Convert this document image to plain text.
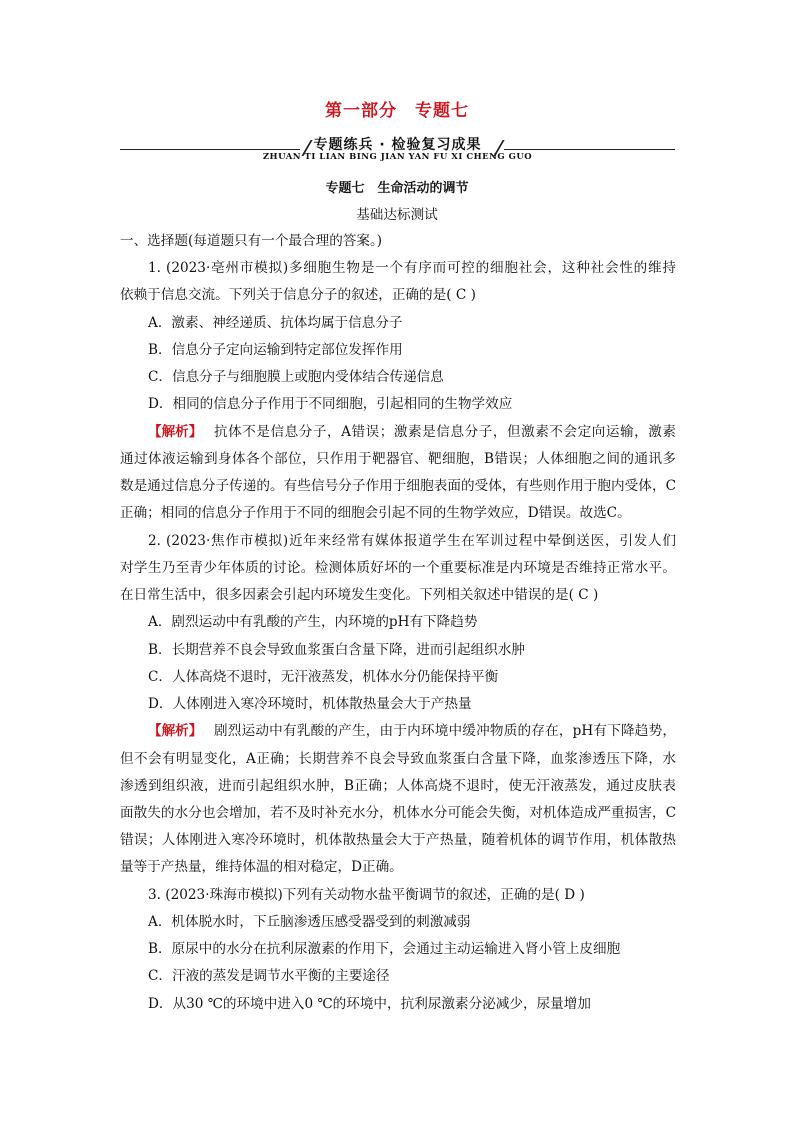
第一部分　专题七
专题练兵 · 检验复习成果
ZHUAN TI LIAN BING JIAN YAN FU XI CHENG GUO
专题七　生命活动的调节
基础达标测试
一、选择题(每道题只有一个最合理的答案。)
1. (2023·亳州市模拟)多细胞生物是一个有序而可控的细胞社会，这种社会性的维持
依赖于信息交流。下列关于信息分子的叙述，正确的是( C )
A．激素、神经递质、抗体均属于信息分子
B．信息分子定向运输到特定部位发挥作用
C．信息分子与细胞膜上或胞内受体结合传递信息
D．相同的信息分子作用于不同细胞，引起相同的生物学效应
【解析】 抗体不是信息分子，A错误；激素是信息分子，但激素不会定向运输，激素
通过体液运输到身体各个部位，只作用于靶器官、靶细胞，B错误；人体细胞之间的通讯多
数是通过信息分子传递的。有些信号分子作用于细胞表面的受体，有些则作用于胞内受体，C
正确；相同的信息分子作用于不同的细胞会引起不同的生物学效应，D错误。故选C。
2. (2023·焦作市模拟)近年来经常有媒体报道学生在军训过程中晕倒送医，引发人们
对学生乃至青少年体质的讨论。检测体质好坏的一个重要标准是内环境是否维持正常水平。
在日常生活中，很多因素会引起内环境发生变化。下列相关叙述中错误的是( C )
A．剧烈运动中有乳酸的产生，内环境的pH有下降趋势
B．长期营养不良会导致血浆蛋白含量下降，进而引起组织水肿
C．人体高烧不退时，无汗液蒸发，机体水分仍能保持平衡
D．人体刚进入寒冷环境时，机体散热量会大于产热量
【解析】 剧烈运动中有乳酸的产生，由于内环境中缓冲物质的存在，pH有下降趋势，
但不会有明显变化，A正确；长期营养不良会导致血浆蛋白含量下降，血浆渗透压下降，水
渗透到组织液，进而引起组织水肿，B正确；人体高烧不退时，使无汗液蒸发，通过皮肤表
面散失的水分也会增加，若不及时补充水分，机体水分可能会失衡，对机体造成严重损害，C
错误；人体刚进入寒冷环境时，机体散热量会大于产热量，随着机体的调节作用，机体散热
量等于产热量，维持体温的相对稳定，D正确。
3. (2023·珠海市模拟)下列有关动物水盐平衡调节的叙述，正确的是( D )
A．机体脱水时，下丘脑渗透压感受器受到的刺激减弱
B．原尿中的水分在抗利尿激素的作用下，会通过主动运输进入肾小管上皮细胞
C．汗液的蒸发是调节水平衡的主要途径
D．从30 ℃的环境中进入0 ℃的环境中，抗利尿激素分泌减少，尿量增加
